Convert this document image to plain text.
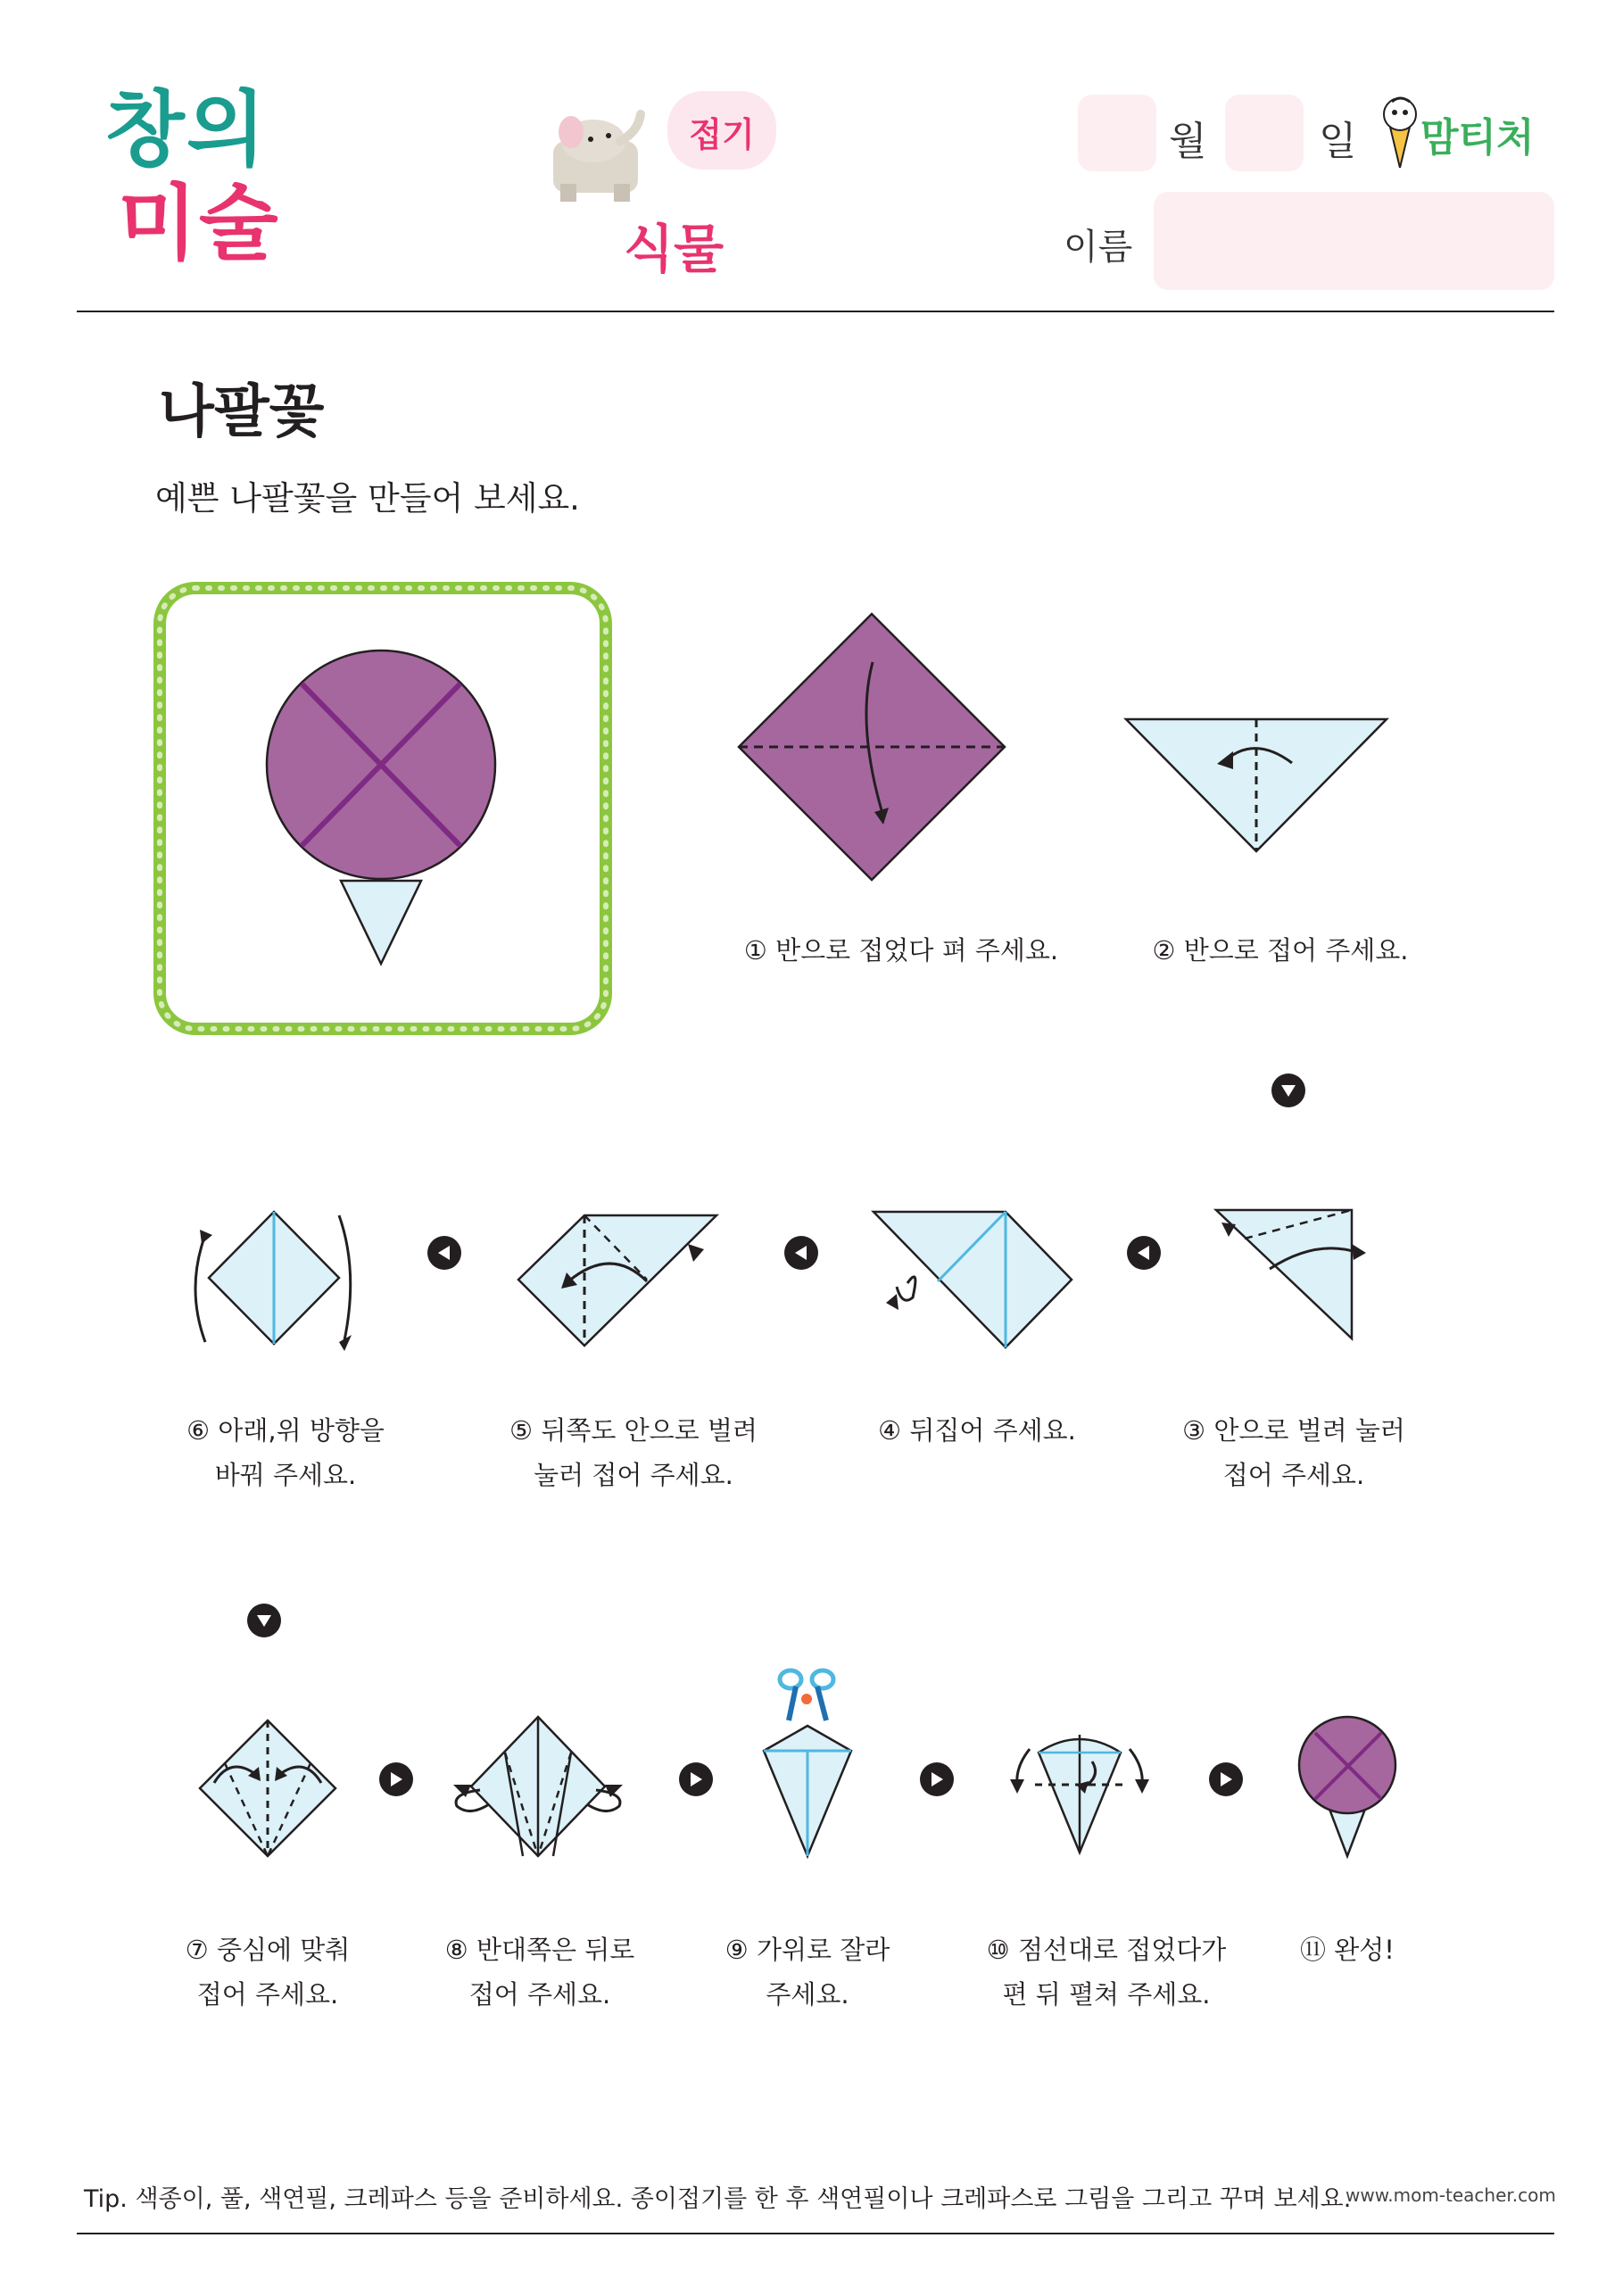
창의
미술
접기
식물
월	일 맘티처
이름
나팔꽃
예쁜 나팔꽃을 만들어 보세요.
① 반으로 접었다 펴 주세요.	② 반으로 접어 주세요.
⑥ 아래,위 방향을
바꿔 주세요.
⑤ 뒤쪽도 안으로 벌려
눌러 접어 주세요.
④ 뒤집어 주세요.	③ 안으로 벌려 눌러
접어 주세요.
⑦ 중심에 맞춰
접어 주세요.
⑧ 반대쪽은 뒤로
접어 주세요.
⑨ 가위로 잘라
주세요.
⑩ 점선대로 접었다가
편 뒤 펼쳐 주세요.
⑪ 완성!
Tip. 색종이, 풀, 색연필, 크레파스 등을 준비하세요. 종이접기를 한 후 색연필이나 크레파스로 그림을 그리고 꾸며 보세요.
www.mom-teacher.com
